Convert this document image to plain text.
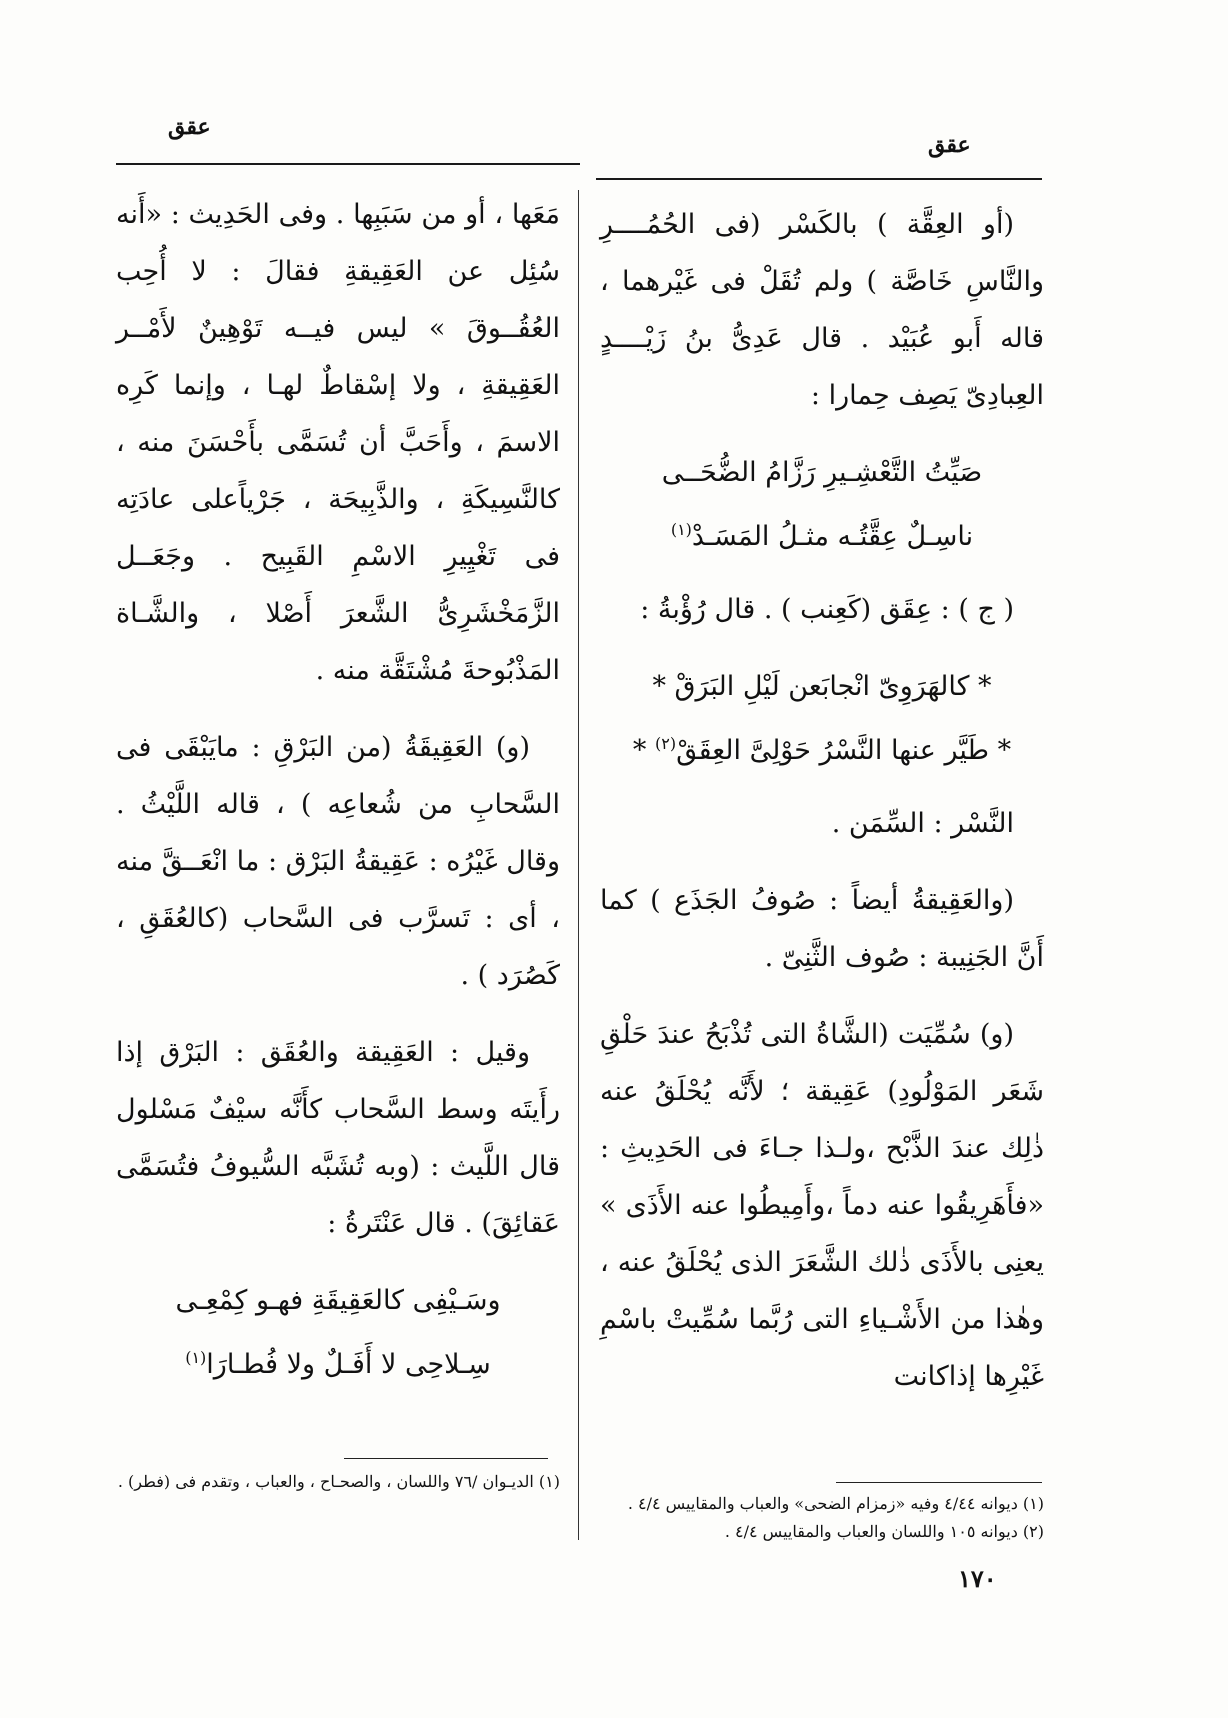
عقق
عقق

(أو العِقَّة ) بالكَسْر (فى الحُمُــــرِ والنَّاسِ خَاصَّة ) ولم تُقَلْ فى غَيْرهما ، قاله أَبو عُبَيْد . قال عَدِىُّ بنُ زَيْــــدٍ العِبادِىّ يَصِف حِمارا :

صَيِّتُ التَّعْشِـيرِ رَزَّامُ الضُّحَــى
ناسِـلٌ عِقَّتُـه مثـلُ المَسَـدْ$^{(١)}$

( ج ) : عِقَق (كَعِنب ) . قال رُؤْبةُ :

* كالهَرَوِىّ انْجابَعن لَيْلِ البَرَقْ *
* طَيَّر عنها النَّسْرُ حَوْلِىَّ العِقَقْ$^{(٢)}$ *

النَّسْر : السِّمَن .

(والعَقِيقةُ أيضاً : صُوفُ الجَذَع ) كما أَنَّ الجَنِيبة : صُوف الثَّنِىّ .

(و) سُمِّيَت (الشَّاةُ التى تُذْبَحُ عندَ حَلْقِ شَعَر المَوْلُودِ) عَقِيقة ؛ لأَنَّه يُحْلَقُ عنه ذٰلِك عندَ الذَّبْح ،ولـذا جـاءَ فى الحَدِيثِ : «فأَهَرِيقُوا عنه دماً ،وأَمِيطُوا عنه الأَذَى » يعنِى بالأَذَى ذٰلك الشَّعَرَ الذى يُحْلَقُ عنه ، وهٰذا من الأَشْـياءِ التى رُبَّما سُمِّيتْ باسْمِ غَيْرِها إذاكانت

مَعَها ، أو من سَبَبِها . وفى الحَدِيث : «أَنه سُئِل عن العَقِيقةِ فقالَ : لا أُحِب العُقُــوقَ » ليس فيــه تَوْهِينٌ لأَمْــر العَقِيقةِ ، ولا إسْقاطٌ لهـا ، وإنما كَرِه الاسمَ ، وأَحَبَّ أن تُسَمَّى بأَحْسَنَ منه ، كالنَّسِيكَةِ ، والذَّبِيحَة ، جَرْياًعلى عادَتِه فى تَغْيِيرِ الاسْمِ القَبِيح . وجَعَــل الزَّمَخْشَرِىُّ الشَّعرَ أَصْلا ، والشَّـاة المَذْبُوحةَ مُشْتَقَّة منه .

(و) العَقِيقَةُ (من البَرْقِ : مايَبْقَى فى السَّحابِ من شُعاعِه ) ، قاله اللَّيْثُ . وقال غَيْرُه : عَقِيقةُ البَرْق : ما انْعَــقَّ منه ، أى : تَسرَّب فى السَّحاب (كالعُقَقِ ، كَصُرَد ) .

وقيل : العَقِيقة والعُقَق : البَرْق إذا رأَيتَه وسط السَّحاب كأَنَّه سيْفٌ مَسْلول قال اللَّيث : (وبه تُشَبَّه السُّيوفُ فتُسَمَّى عَقائِقَ) . قال عَنْتَرةُ :

وسَـيْفِى كالعَقِيقَةِ فهـو كِمْعِـى
سِـلاحِى لا أَفَـلٌ ولا فُطـارَا$^{(١)}$

(١) ديوانه ٤/٤٤ وفيه «زمزام الضحى» والعباب والمقاييس ٤/٤ .

(٢) ديوانه ١٠٥ واللسان والعباب والمقاييس ٤/٤ .

(١) الديـوان /٧٦ واللسان ، والصحـاح ، والعباب ، وتقدم فى (فطر) .

١٧٠
